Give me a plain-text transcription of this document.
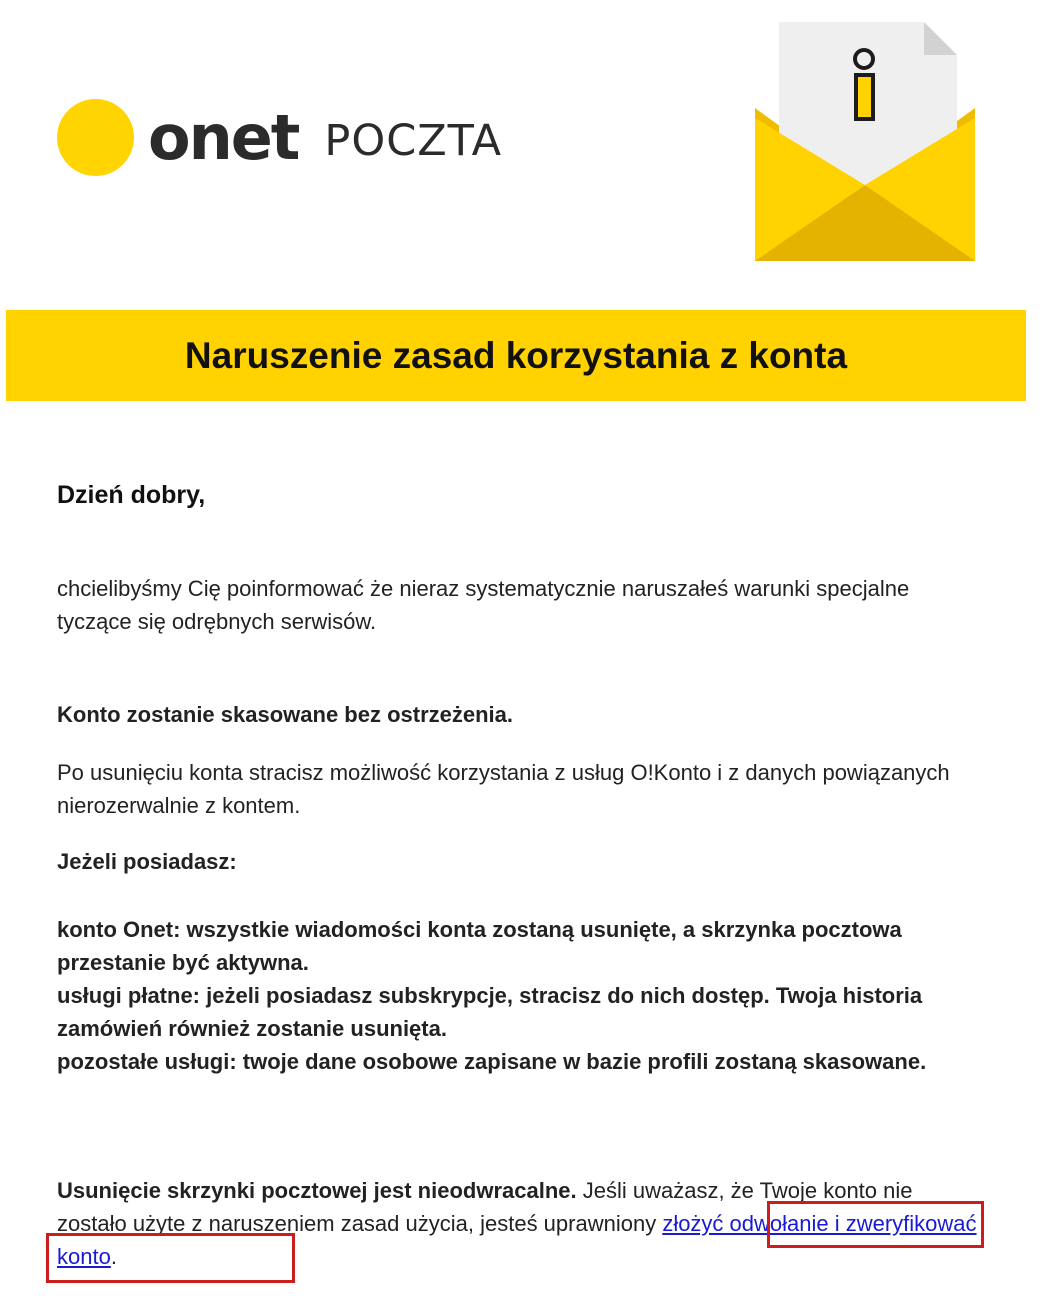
onet POCZTA
Naruszenie zasad korzystania z konta
Dzień dobry,
chcielibyśmy Cię poinformować że nieraz systematycznie naruszałeś warunki specjalne tyczące się odrębnych serwisów.
Konto zostanie skasowane bez ostrzeżenia.
Po usunięciu konta stracisz możliwość korzystania z usług O!Konto i z danych powiązanych nierozerwalnie z kontem.
Jeżeli posiadasz:
konto Onet: wszystkie wiadomości konta zostaną usunięte, a skrzynka pocztowa przestanie być aktywna.
usługi płatne: jeżeli posiadasz subskrypcje, stracisz do nich dostęp. Twoja historia zamówień również zostanie usunięta.
pozostałe usługi: twoje dane osobowe zapisane w bazie profili zostaną skasowane.
Usunięcie skrzynki pocztowej jest nieodwracalne. Jeśli uważasz, że Twoje konto nie zostało użyte z naruszeniem zasad użycia, jesteś uprawniony złożyć odwołanie i zweryfikować konto.
